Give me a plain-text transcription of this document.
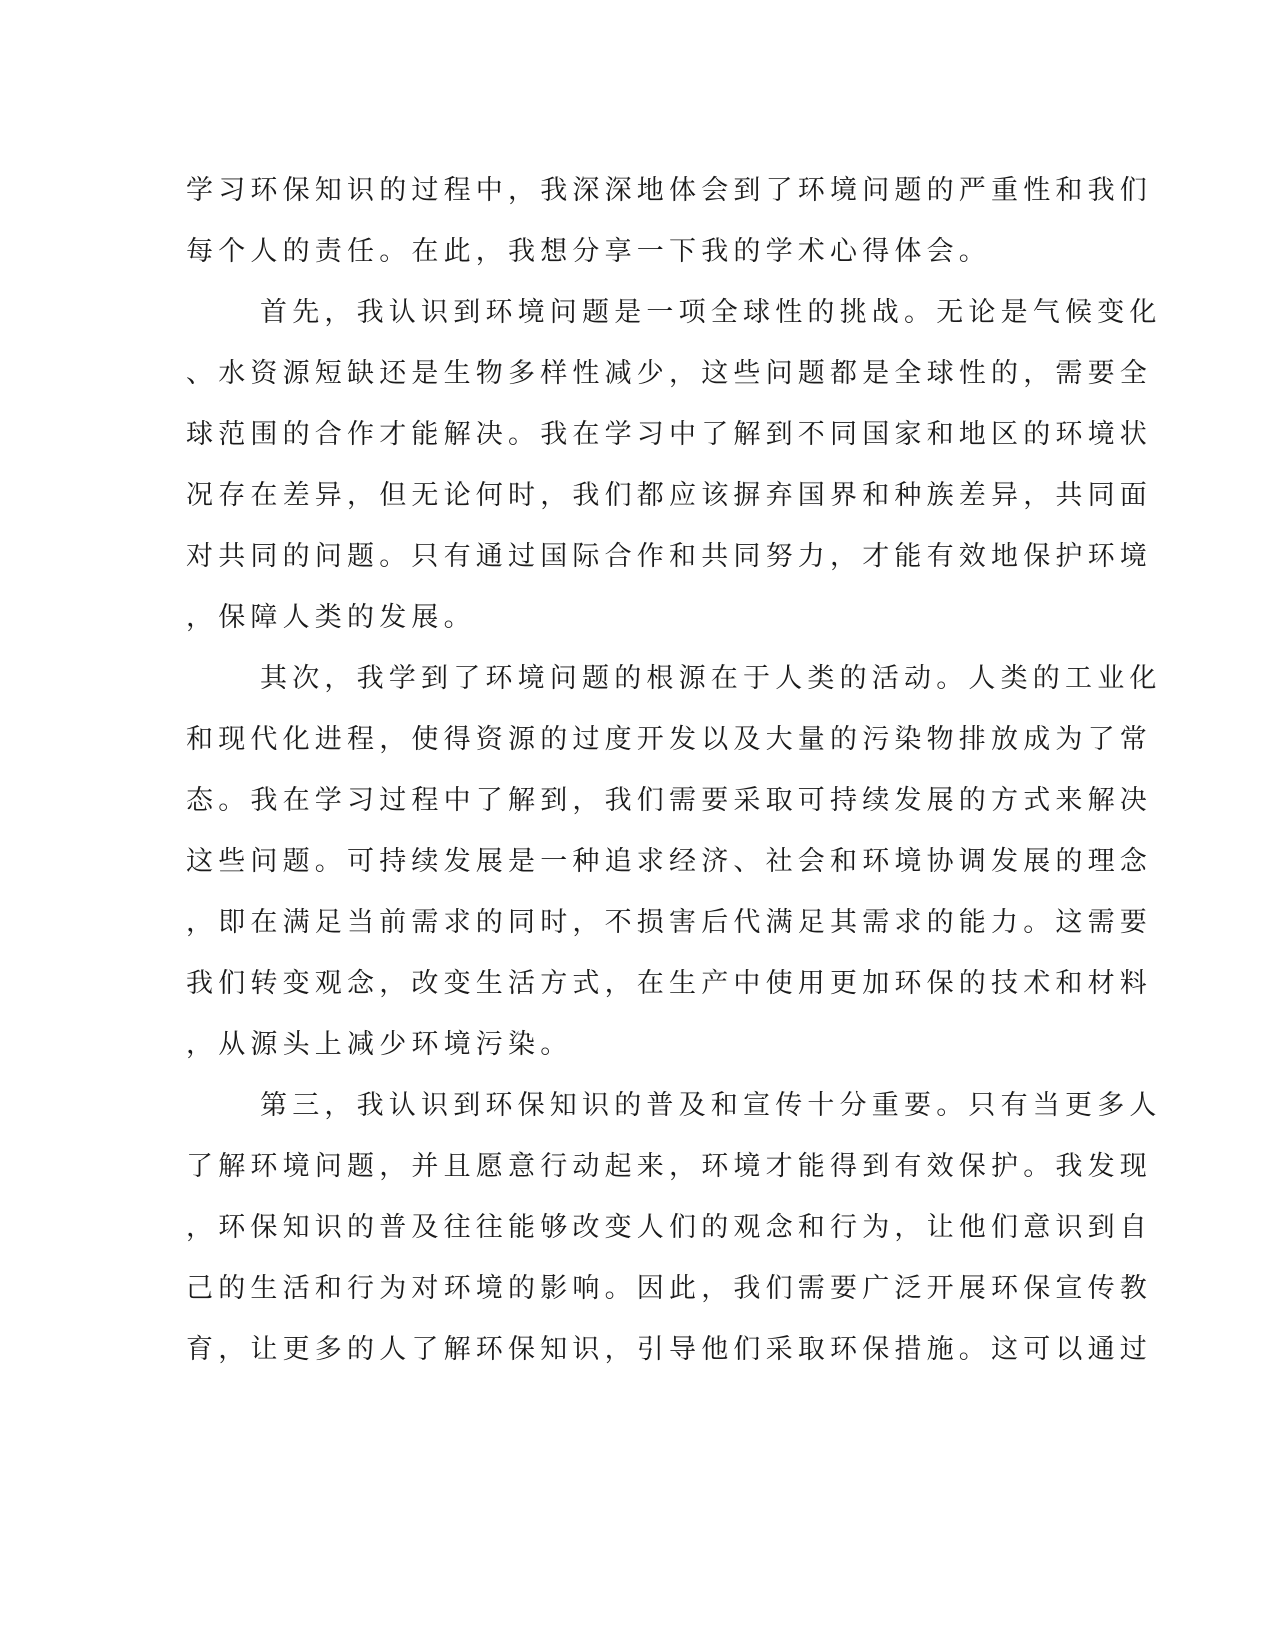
学习环保知识的过程中，我深深地体会到了环境问题的严重性和我们
每个人的责任。在此，我想分享一下我的学术心得体会。
首先，我认识到环境问题是一项全球性的挑战。无论是气候变化
、水资源短缺还是生物多样性减少，这些问题都是全球性的，需要全
球范围的合作才能解决。我在学习中了解到不同国家和地区的环境状
况存在差异，但无论何时，我们都应该摒弃国界和种族差异，共同面
对共同的问题。只有通过国际合作和共同努力，才能有效地保护环境
，保障人类的发展。
其次，我学到了环境问题的根源在于人类的活动。人类的工业化
和现代化进程，使得资源的过度开发以及大量的污染物排放成为了常
态。我在学习过程中了解到，我们需要采取可持续发展的方式来解决
这些问题。可持续发展是一种追求经济、社会和环境协调发展的理念
，即在满足当前需求的同时，不损害后代满足其需求的能力。这需要
我们转变观念，改变生活方式，在生产中使用更加环保的技术和材料
，从源头上减少环境污染。
第三，我认识到环保知识的普及和宣传十分重要。只有当更多人
了解环境问题，并且愿意行动起来，环境才能得到有效保护。我发现
，环保知识的普及往往能够改变人们的观念和行为，让他们意识到自
己的生活和行为对环境的影响。因此，我们需要广泛开展环保宣传教
育，让更多的人了解环保知识，引导他们采取环保措施。这可以通过
